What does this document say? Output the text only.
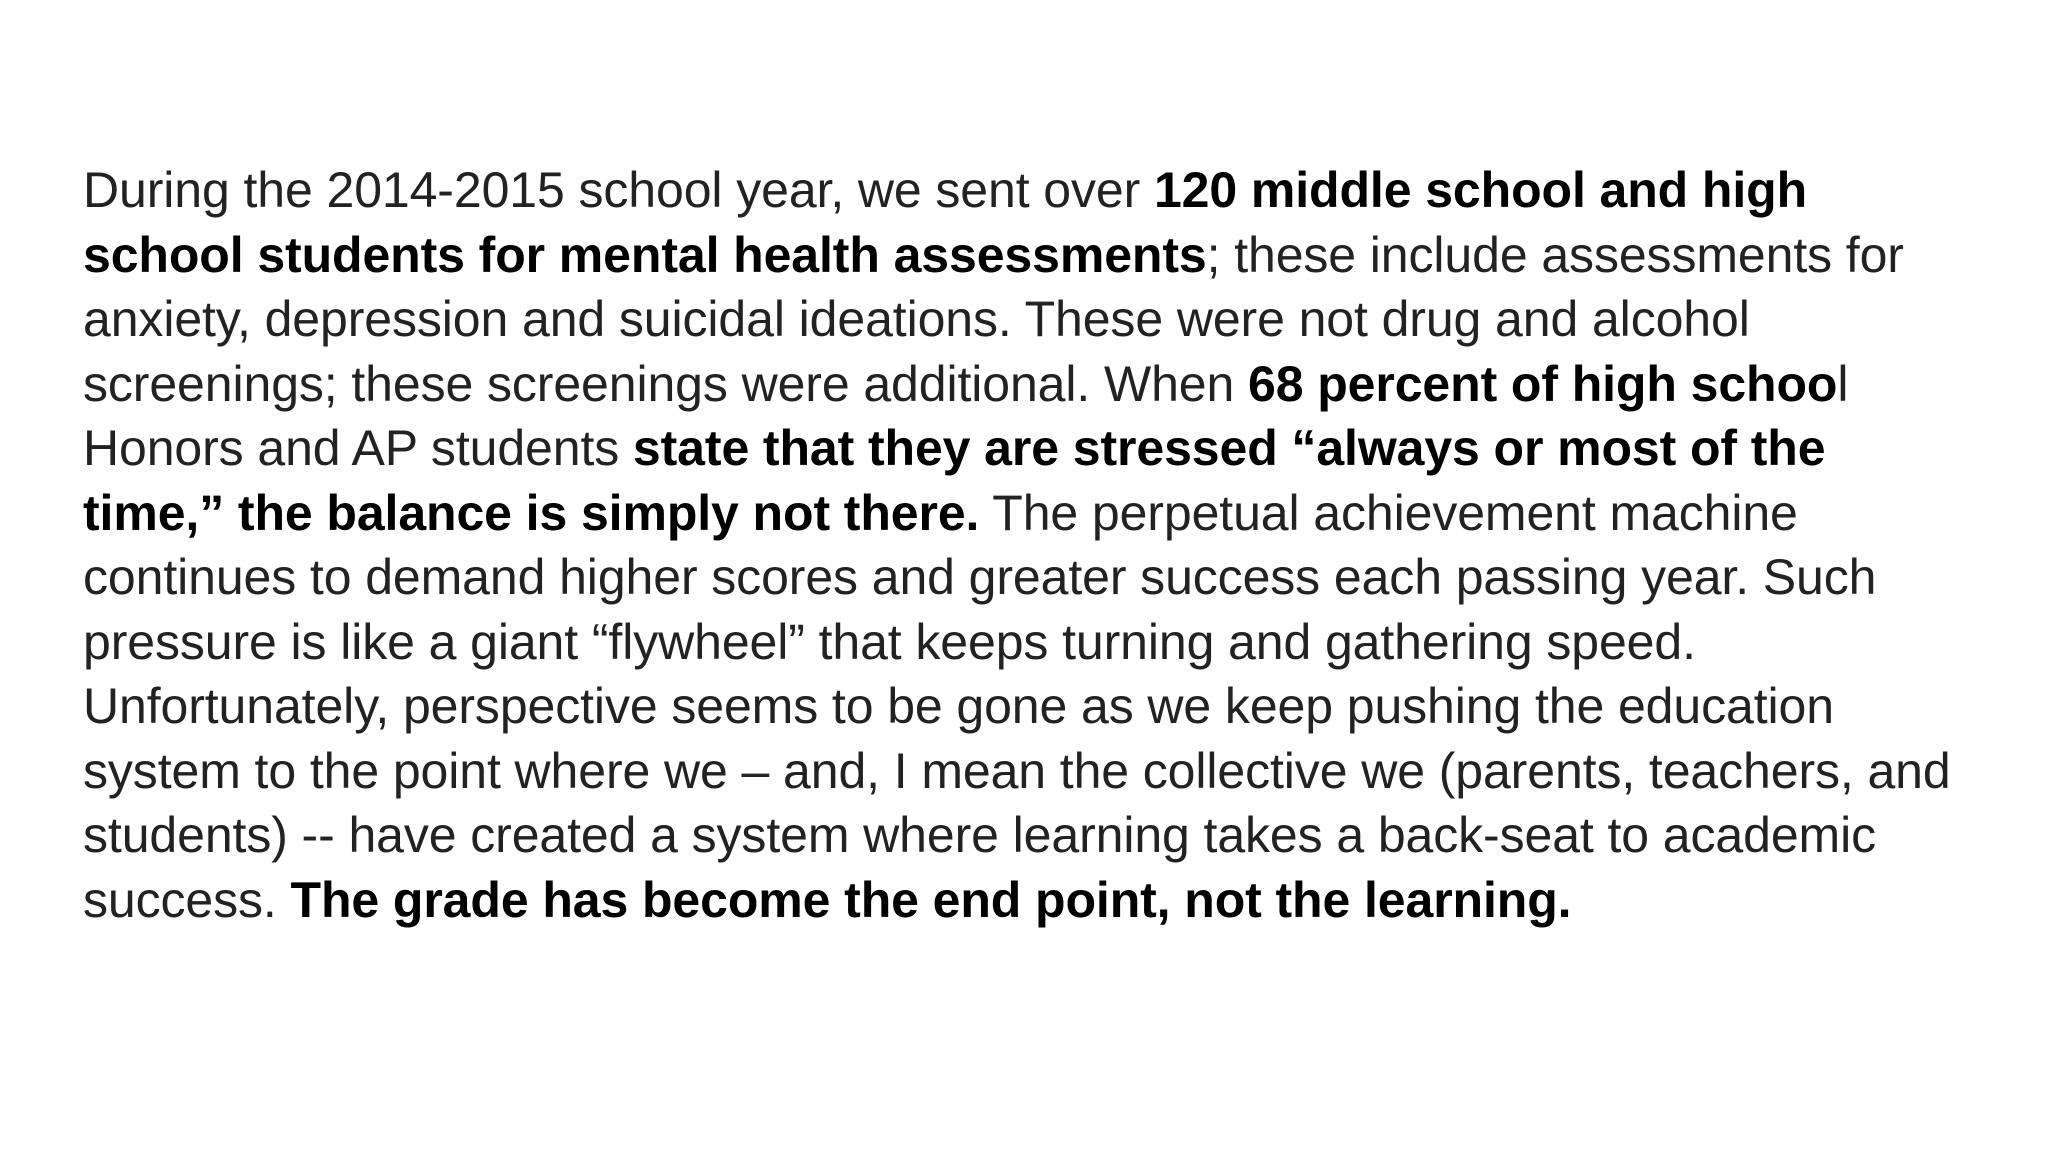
During the 2014-2015 school year, we sent over 120 middle school and high
school students for mental health assessments; these include assessments for
anxiety, depression and suicidal ideations. These were not drug and alcohol
screenings; these screenings were additional. When 68 percent of high school
Honors and AP students state that they are stressed “always or most of the
time,” the balance is simply not there. The perpetual achievement machine
continues to demand higher scores and greater success each passing year. Such
pressure is like a giant “flywheel” that keeps turning and gathering speed.
Unfortunately, perspective seems to be gone as we keep pushing the education
system to the point where we – and, I mean the collective we (parents, teachers, and
students) -- have created a system where learning takes a back-seat to academic
success. The grade has become the end point, not the learning.
